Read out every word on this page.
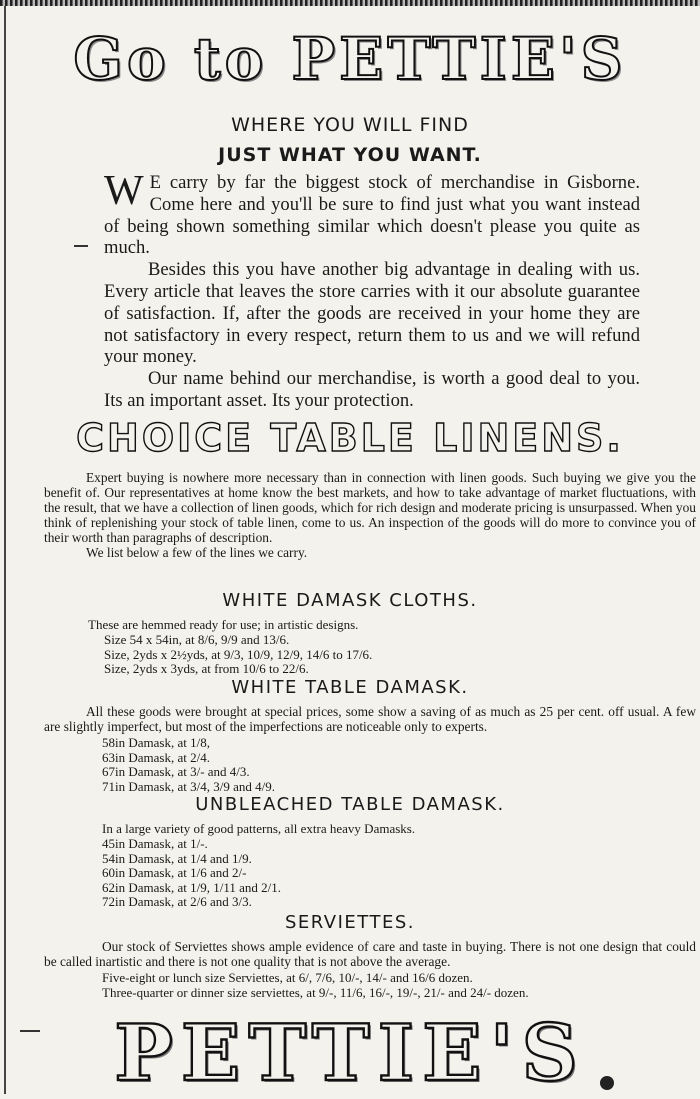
Go to PETTIE'S
WHERE YOU WILL FIND
JUST WHAT YOU WANT.

W E carry by far the biggest stock of merchandise in Gisborne. Come here and you'll be sure to find just what you want instead of being shown something similar which doesn't please you quite as much.

Besides this you have another big advantage in dealing with us. Every article that leaves the store carries with it our absolute guarantee of satisfaction. If, after the goods are received in your home they are not satisfactory in every respect, return them to us and we will refund your money.

Our name behind our merchandise, is worth a good deal to you. Its an important asset. Its your protection.

CHOICE TABLE LINENS.

Expert buying is nowhere more necessary than in connection with linen goods. Such buying we give you the benefit of. Our representatives at home know the best markets, and how to take advantage of market fluctuations, with the result, that we have a collection of linen goods, which for rich design and moderate pricing is unsurpassed. When you think of replenishing your stock of table linen, come to us. An inspection of the goods will do more to convince you of their worth than paragraphs of description.

We list below a few of the lines we carry.

WHITE DAMASK CLOTHS.
These are hemmed ready for use; in artistic designs.
Size 54 x 54in, at 8/6, 9/9 and 13/6.
Size, 2yds x 2½yds, at 9/3, 10/9, 12/9, 14/6 to 17/6.
Size, 2yds x 3yds, at from 10/6 to 22/6.
WHITE TABLE DAMASK.

All these goods were brought at special prices, some show a saving of as much as 25 per cent. off usual. A few are slightly imperfect, but most of the imperfections are noticeable only to experts.

58in Damask, at 1/8,
63in Damask, at 2/4.
67in Damask, at 3/- and 4/3.
71in Damask, at 3/4, 3/9 and 4/9.
UNBLEACHED TABLE DAMASK.
In a large variety of good patterns, all extra heavy Damasks.
45in Damask, at 1/-.
54in Damask, at 1/4 and 1/9.
60in Damask, at 1/6 and 2/-
62in Damask, at 1/9, 1/11 and 2/1.
72in Damask, at 2/6 and 3/3.
SERVIETTES.

Our stock of Serviettes shows ample evidence of care and taste in buying. There is not one design that could be called inartistic and there is not one quality that is not above the average.

Five-eight or lunch size Serviettes, at 6/, 7/6, 10/-, 14/- and 16/6 dozen.
Three-quarter or dinner size serviettes, at 9/-, 11/6, 16/-, 19/-, 21/- and 24/- dozen.
PETTIE'S
